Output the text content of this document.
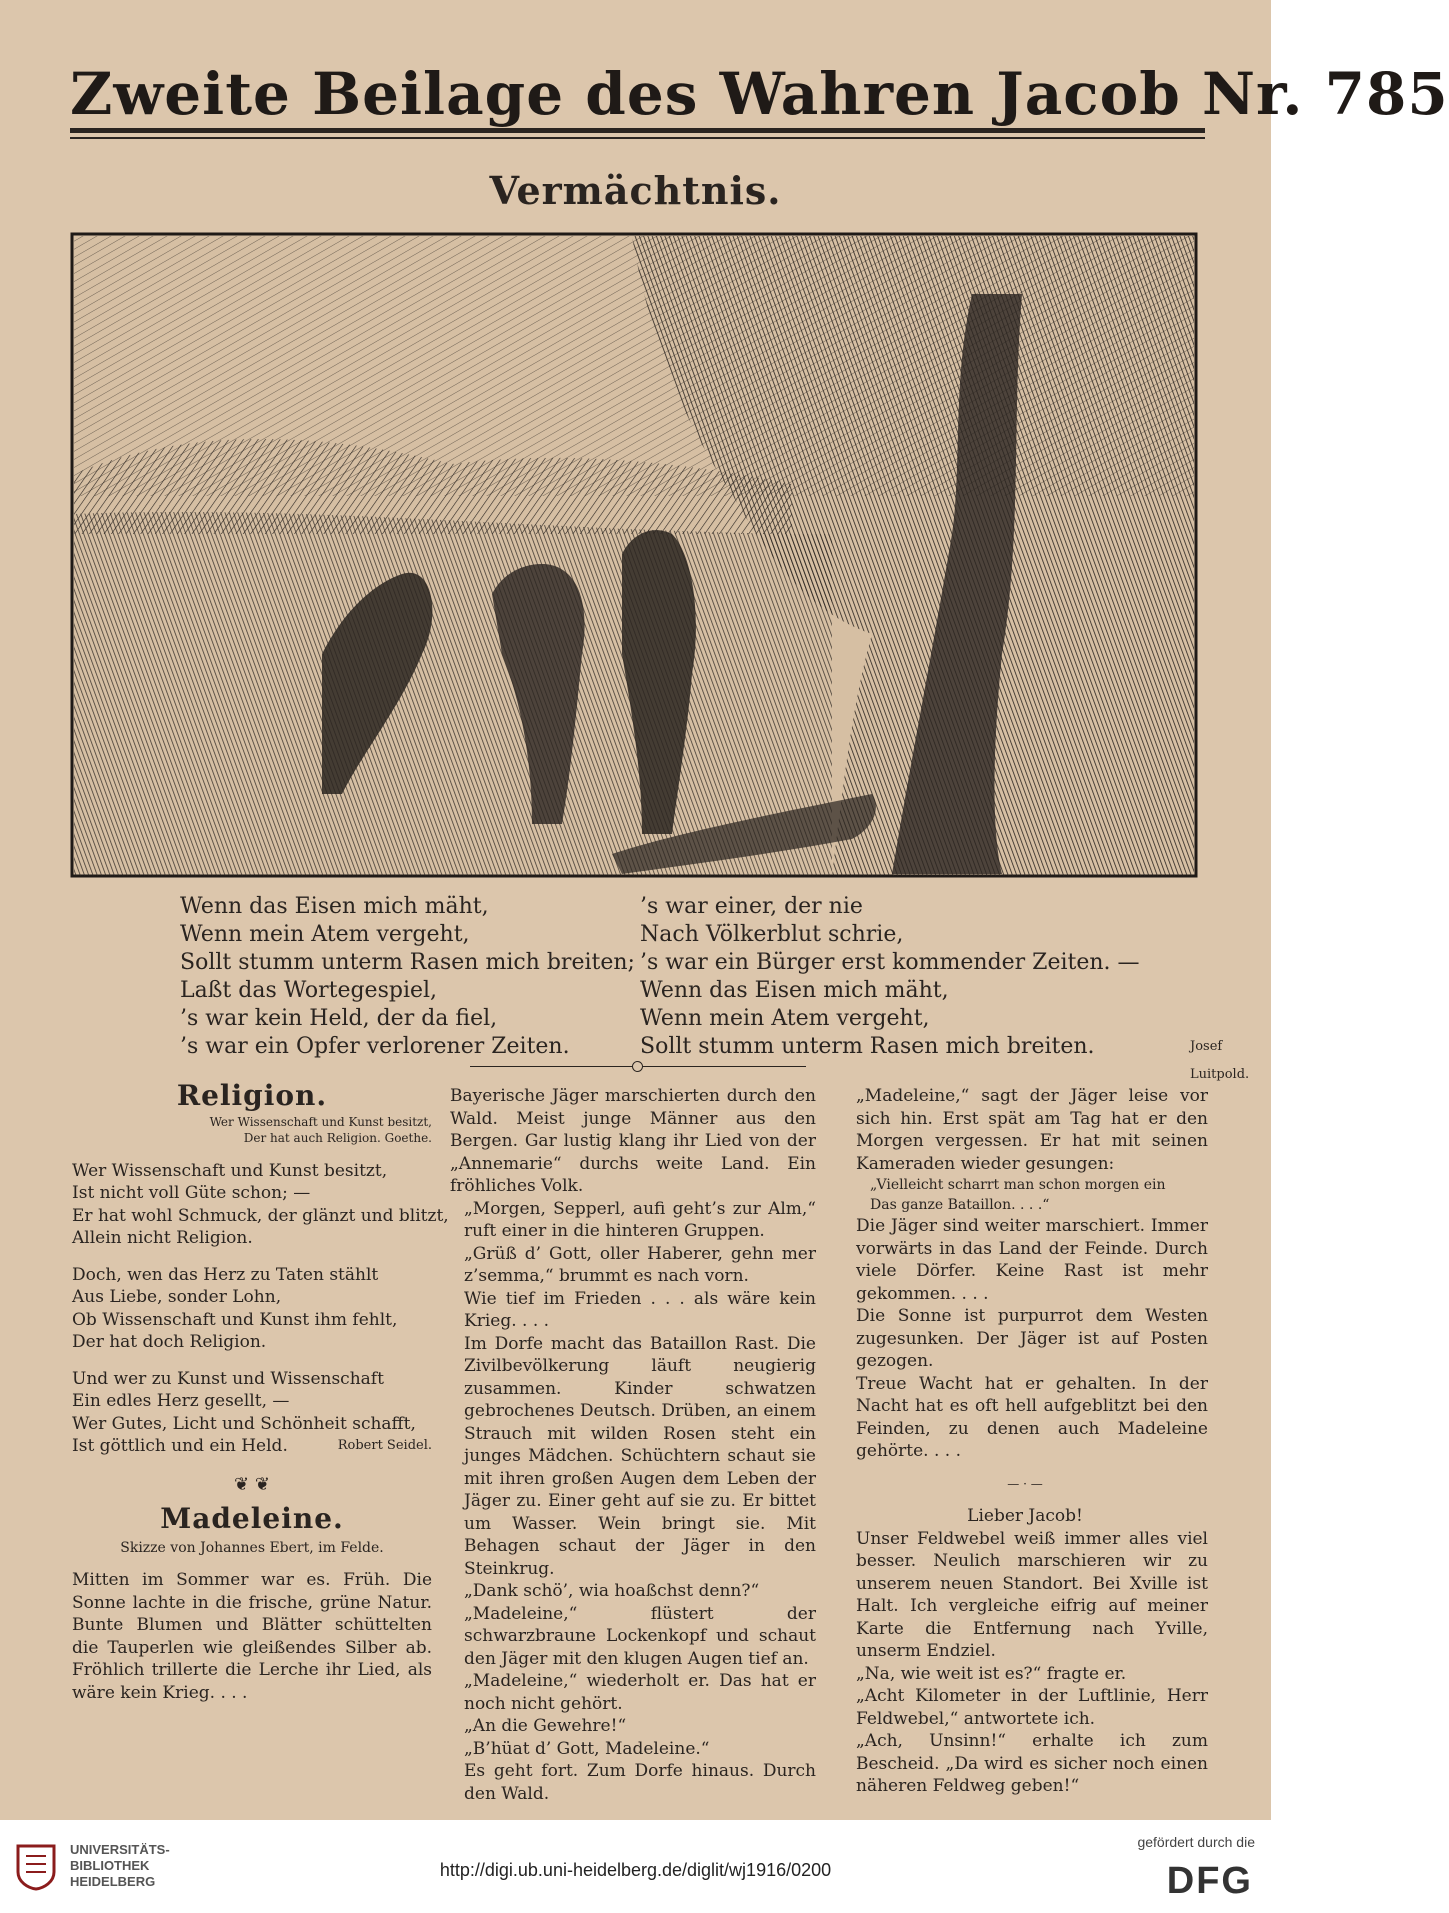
Zweite Beilage des Wahren Jacob Nr. 785
Vermächtnis.
Wenn das Eisen mich mäht,
Wenn mein Atem vergeht,
Sollt stumm unterm Rasen mich breiten;
Laßt das Wortegespiel,
’s war kein Held, der da fiel,
’s war ein Opfer verlorener Zeiten.
’s war einer, der nie
Nach Völkerblut schrie,
’s war ein Bürger erst kommender Zeiten. —
Wenn das Eisen mich mäht,
Wenn mein Atem vergeht,
Sollt stumm unterm Rasen mich breiten.	Josef Luitpold.
Religion.
Wer Wissenschaft und Kunst besitzt,
Der hat auch Religion. Goethe.
Wer Wissenschaft und Kunst besitzt,
Ist nicht voll Güte schon; —
Er hat wohl Schmuck, der glänzt und blitzt,
Allein nicht Religion.
Doch, wen das Herz zu Taten stählt
Aus Liebe, sonder Lohn,
Ob Wissenschaft und Kunst ihm fehlt,
Der hat doch Religion.
Und wer zu Kunst und Wissenschaft
Ein edles Herz gesellt, —
Wer Gutes, Licht und Schönheit schafft,
Ist göttlich und ein Held.	Robert Seidel.
❦ ❦
Madeleine.
Skizze von Johannes Ebert, im Felde.
Mitten im Sommer war es. Früh. Die Sonne lachte in die frische, grüne Natur. Bunte Blumen und Blätter schüttelten die Tauperlen wie gleißendes Silber ab. Fröhlich trillerte die Lerche ihr Lied, als wäre kein Krieg. . . .
Bayerische Jäger marschierten durch den Wald. Meist junge Männer aus den Bergen. Gar lustig klang ihr Lied von der „Annemarie“ durchs weite Land. Ein fröhliches Volk.
„Morgen, Sepperl, aufi geht’s zur Alm,“ ruft einer in die hinteren Gruppen.
„Grüß d’ Gott, oller Haberer, gehn mer z’semma,“ brummt es nach vorn.
Wie tief im Frieden . . . als wäre kein Krieg. . . .
Im Dorfe macht das Bataillon Rast. Die Zivilbevölkerung läuft neugierig zusammen. Kinder schwatzen gebrochenes Deutsch. Drüben, an einem Strauch mit wilden Rosen steht ein junges Mädchen. Schüchtern schaut sie mit ihren großen Augen dem Leben der Jäger zu. Einer geht auf sie zu. Er bittet um Wasser. Wein bringt sie. Mit Behagen schaut der Jäger in den Steinkrug.
„Dank schö’, wia hoaßchst denn?“
„Madeleine,“ flüstert der schwarzbraune Lockenkopf und schaut den Jäger mit den klugen Augen tief an.
„Madeleine,“ wiederholt er. Das hat er noch nicht gehört.
„An die Gewehre!“
„B’hüat d’ Gott, Madeleine.“
Es geht fort. Zum Dorfe hinaus. Durch den Wald.
„Madeleine,“ sagt der Jäger leise vor sich hin. Erst spät am Tag hat er den Morgen vergessen. Er hat mit seinen Kameraden wieder gesungen:
„Vielleicht scharrt man schon morgen ein
Das ganze Bataillon. . . .“
Die Jäger sind weiter marschiert. Immer vorwärts in das Land der Feinde. Durch viele Dörfer. Keine Rast ist mehr gekommen. . . .
Die Sonne ist purpurrot dem Westen zugesunken. Der Jäger ist auf Posten gezogen.
Treue Wacht hat er gehalten. In der Nacht hat es oft hell aufgeblitzt bei den Feinden, zu denen auch Madeleine gehörte. . . .
— · —
Lieber Jacob!
Unser Feldwebel weiß immer alles viel besser. Neulich marschieren wir zu unserem neuen Standort. Bei Xville ist Halt. Ich vergleiche eifrig auf meiner Karte die Entfernung nach Yville, unserm Endziel.
„Na, wie weit ist es?“ fragte er.
„Acht Kilometer in der Luftlinie, Herr Feldwebel,“ antwortete ich.
„Ach, Unsinn!“ erhalte ich zum Bescheid. „Da wird es sicher noch einen näheren Feldweg geben!“
UNIVERSITÄTS-
BIBLIOTHEK
HEIDELBERG
http://digi.ub.uni-heidelberg.de/diglit/wj1916/0200
gefördert durch die
DFG
